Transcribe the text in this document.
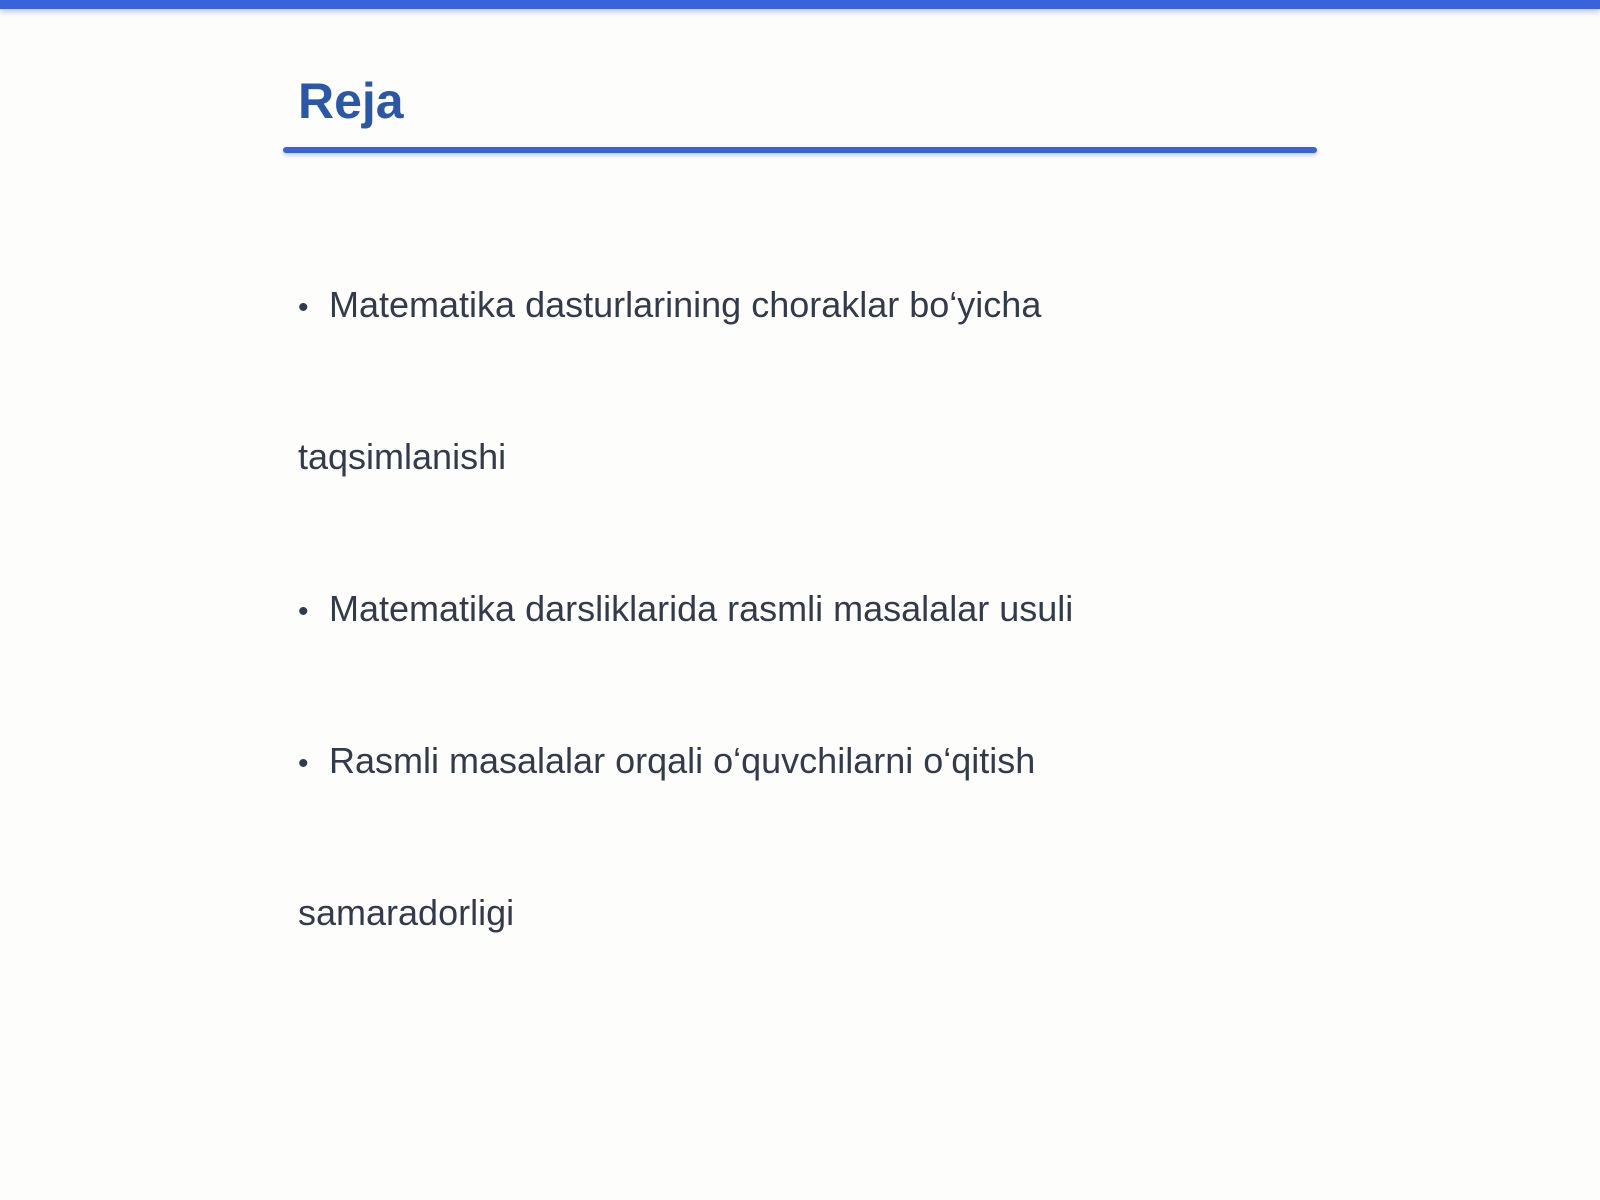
Reja

• Matematika dasturlarining choraklar bo‘yicha

taqsimlanishi

• Matematika darsliklarida rasmli masalalar usuli

• Rasmli masalalar orqali o‘quvchilarni o‘qitish

samaradorligi
